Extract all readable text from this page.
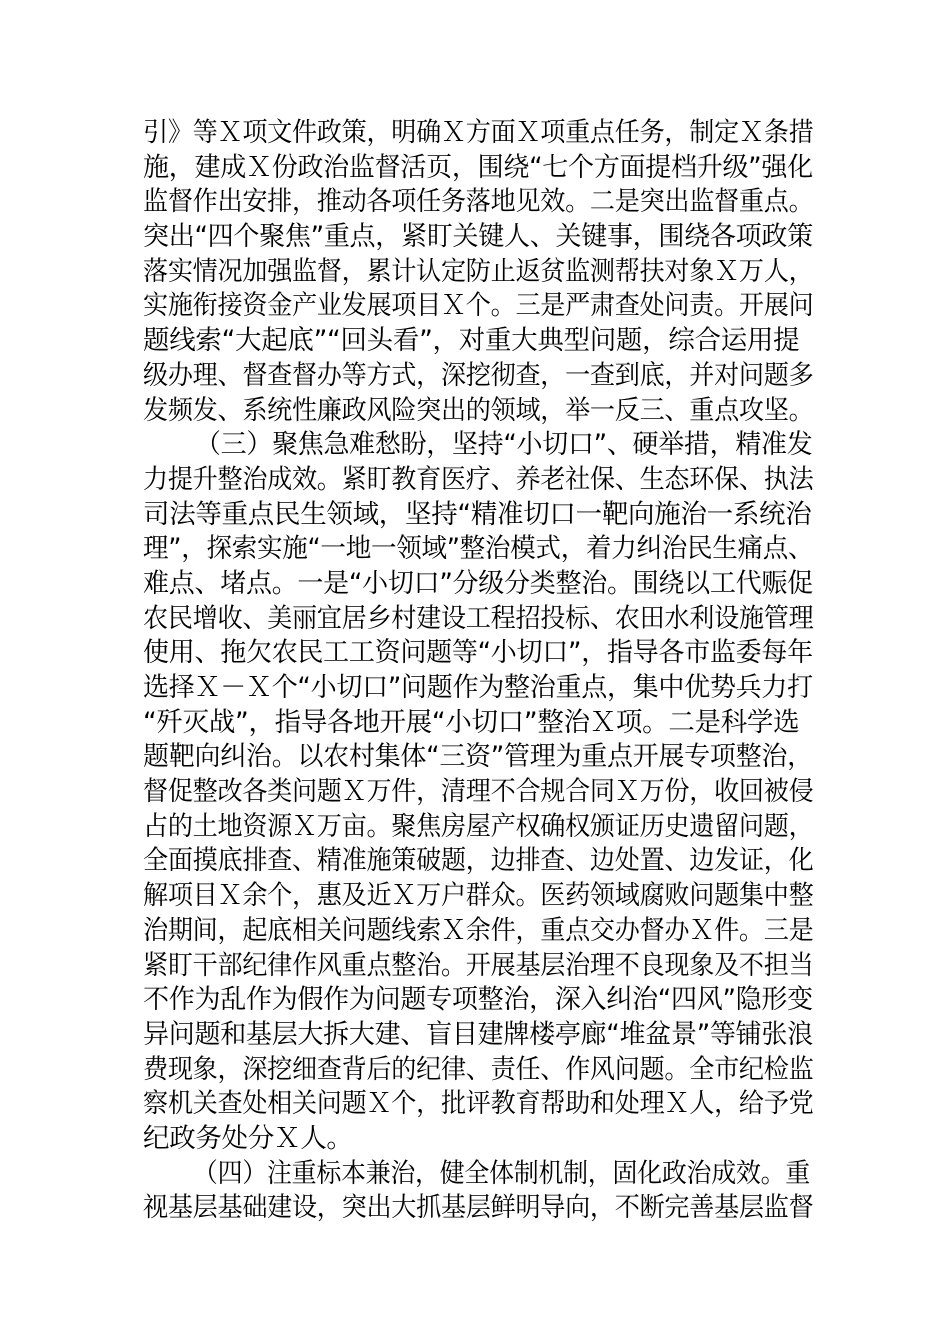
引》等Ｘ项文件政策，明确Ｘ方面Ｘ项重点任务，制定Ｘ条措
施，建成Ｘ份政治监督活页，围绕“七个方面提档升级”强化
监督作出安排，推动各项任务落地见效。二是突出监督重点。
突出“四个聚焦”重点，紧盯关键人、关键事，围绕各项政策
落实情况加强监督，累计认定防止返贫监测帮扶对象Ｘ万人，
实施衔接资金产业发展项目Ｘ个。三是严肃查处问责。开展问
题线索“大起底”“回头看”，对重大典型问题，综合运用提
级办理、督查督办等方式，深挖彻查，一查到底，并对问题多
发频发、系统性廉政风险突出的领域，举一反三、重点攻坚。
（三）聚焦急难愁盼，坚持“小切口”、硬举措，精准发
力提升整治成效。紧盯教育医疗、养老社保、生态环保、执法
司法等重点民生领域，坚持“精准切口一靶向施治一系统治
理”，探索实施“一地一领域”整治模式，着力纠治民生痛点、
难点、堵点。一是“小切口”分级分类整治。围绕以工代赈促
农民增收、美丽宜居乡村建设工程招投标、农田水利设施管理
使用、拖欠农民工工资问题等“小切口”，指导各市监委每年
选择Ｘ－Ｘ个“小切口”问题作为整治重点，集中优势兵力打
“歼灭战”，指导各地开展“小切口”整治Ｘ项。二是科学选
题靶向纠治。以农村集体“三资”管理为重点开展专项整治，
督促整改各类问题Ｘ万件，清理不合规合同Ｘ万份，收回被侵
占的土地资源Ｘ万亩。聚焦房屋产权确权颁证历史遗留问题，
全面摸底排查、精准施策破题，边排查、边处置、边发证，化
解项目Ｘ余个，惠及近Ｘ万户群众。医药领域腐败问题集中整
治期间，起底相关问题线索Ｘ余件，重点交办督办Ｘ件。三是
紧盯干部纪律作风重点整治。开展基层治理不良现象及不担当
不作为乱作为假作为问题专项整治，深入纠治“四风”隐形变
异问题和基层大拆大建、盲目建牌楼亭廊“堆盆景”等铺张浪
费现象，深挖细查背后的纪律、责任、作风问题。全市纪检监
察机关查处相关问题Ｘ个，批评教育帮助和处理Ｘ人，给予党
纪政务处分Ｘ人。
（四）注重标本兼治，健全体制机制，固化政治成效。重
视基层基础建设，突出大抓基层鲜明导向，不断完善基层监督
